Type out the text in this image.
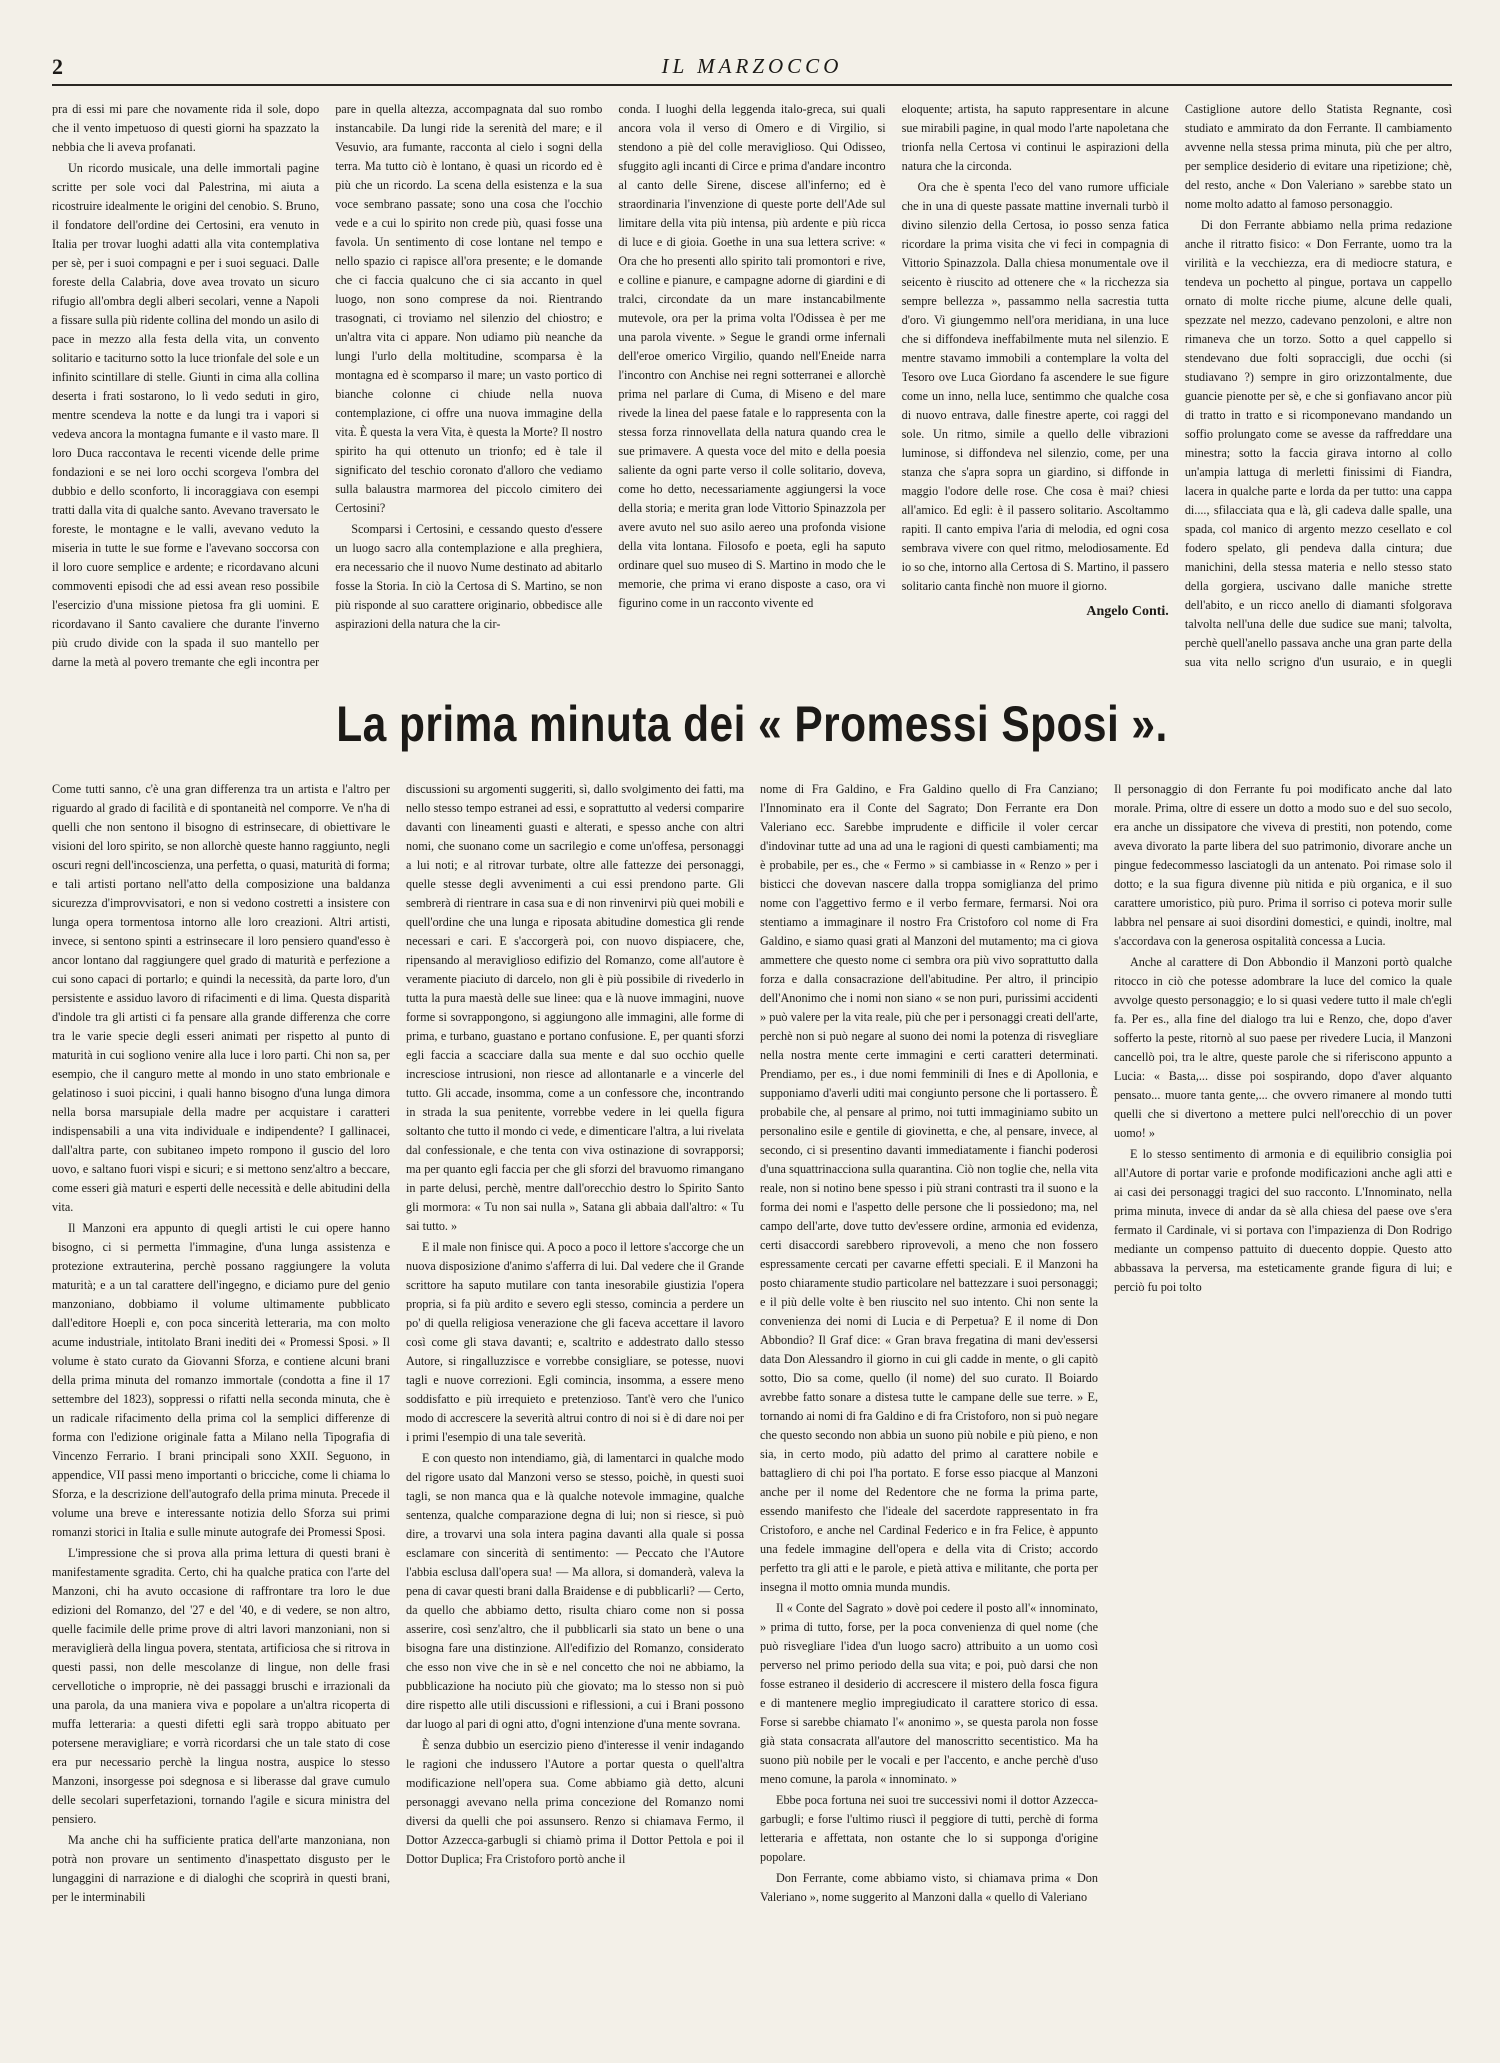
2	IL MARZOCCO

pra di essi mi pare che novamente rida il sole, dopo che il vento impetuoso di questi giorni ha spazzato la nebbia che li aveva profanati.

Un ricordo musicale, una delle immortali pagine scritte per sole voci dal Palestrina, mi aiuta a ricostruire idealmente le origini del cenobio. S. Bruno, il fondatore dell'ordine dei Certosini, era venuto in Italia per trovar luoghi adatti alla vita contemplativa per sè, per i suoi compagni e per i suoi seguaci. Dalle foreste della Calabria, dove avea trovato un sicuro rifugio all'ombra degli alberi secolari, venne a Napoli a fissare sulla più ridente collina del mondo un asilo di pace in mezzo alla festa della vita, un convento solitario e taciturno sotto la luce trionfale del sole e un infinito scintillare di stelle. Giunti in cima alla collina deserta i frati sostarono, lo lì vedo seduti in giro, mentre scendeva la notte e da lungi tra i vapori si vedeva ancora la montagna fumante e il vasto mare. Il loro Duca raccontava le recenti vicende delle prime fondazioni e se nei loro occhi scorgeva l'ombra del dubbio e dello sconforto, li incoraggiava con esempi tratti dalla vita di qualche santo. Avevano traversato le foreste, le montagne e le valli, avevano veduto la miseria in tutte le sue forme e l'avevano soccorsa con il loro cuore semplice e ardente; e ricordavano alcuni commoventi episodi che ad essi avean reso possibile l'esercizio d'una missione pietosa fra gli uomini. E ricordavano il Santo cavaliere che durante l'inverno più crudo divide con la spada il suo mantello per darne la metà al povero tremante che egli incontra per

pare in quella altezza, accompagnata dal suo rombo instancabile. Da lungi ride la serenità del mare; e il Vesuvio, ara fumante, racconta al cielo i sogni della terra. Ma tutto ciò è lontano, è quasi un ricordo ed è più che un ricordo. La scena della esistenza e la sua voce sembrano passate; sono una cosa che l'occhio vede e a cui lo spirito non crede più, quasi fosse una favola. Un sentimento di cose lontane nel tempo e nello spazio ci rapisce all'ora presente; e le domande che ci faccia qualcuno che ci sia accanto in quel luogo, non sono comprese da noi. Rientrando trasognati, ci troviamo nel silenzio del chiostro; e un'altra vita ci appare. Non udiamo più neanche da lungi l'urlo della moltitudine, scomparsa è la montagna ed è scomparso il mare; un vasto portico di bianche colonne ci chiude nella nuova contemplazione, ci offre una nuova immagine della vita. È questa la vera Vita, è questa la Morte? Il nostro spirito ha qui ottenuto un trionfo; ed è tale il significato del teschio coronato d'alloro che vediamo sulla balaustra marmorea del piccolo cimitero dei Certosini?

Scomparsi i Certosini, e cessando questo d'essere un luogo sacro alla contemplazione e alla preghiera, era necessario che il nuovo Nume destinato ad abitarlo fosse la Storia. In ciò la Certosa di S. Martino, se non più risponde al suo carattere originario, obbedisce alle aspirazioni della natura che la cir-

conda. I luoghi della leggenda italo-greca, sui quali ancora vola il verso di Omero e di Virgilio, si stendono a piè del colle meraviglioso. Qui Odisseo, sfuggito agli incanti di Circe e prima d'andare incontro al canto delle Sirene, discese all'inferno; ed è straordinaria l'invenzione di queste porte dell'Ade sul limitare della vita più intensa, più ardente e più ricca di luce e di gioia. Goethe in una sua lettera scrive: « Ora che ho presenti allo spirito tali promontori e rive, e colline e pianure, e campagne adorne di giardini e di tralci, circondate da un mare instancabilmente mutevole, ora per la prima volta l'Odissea è per me una parola vivente. » Segue le grandi orme infernali dell'eroe omerico Virgilio, quando nell'Eneide narra l'incontro con Anchise nei regni sotterranei e allorchè prima nel parlare di Cuma, di Miseno e del mare rivede la linea del paese fatale e lo rappresenta con la stessa forza rinnovellata della natura quando crea le sue primavere. A questa voce del mito e della poesia saliente da ogni parte verso il colle solitario, doveva, come ho detto, necessariamente aggiungersi la voce della storia; e merita gran lode Vittorio Spinazzola per avere avuto nel suo asilo aereo una profonda visione della vita lontana. Filosofo e poeta, egli ha saputo ordinare quel suo museo di S. Martino in modo che le memorie, che prima vi erano disposte a caso, ora vi figurino come in un racconto vivente ed

eloquente; artista, ha saputo rappresentare in alcune sue mirabili pagine, in qual modo l'arte napoletana che trionfa nella Certosa vi continui le aspirazioni della natura che la circonda.

Ora che è spenta l'eco del vano rumore ufficiale che in una di queste passate mattine invernali turbò il divino silenzio della Certosa, io posso senza fatica ricordare la prima visita che vi feci in compagnia di Vittorio Spinazzola. Dalla chiesa monumentale ove il seicento è riuscito ad ottenere che « la ricchezza sia sempre bellezza », passammo nella sacrestia tutta d'oro. Vi giungemmo nell'ora meridiana, in una luce che si diffondeva ineffabilmente muta nel silenzio. E mentre stavamo immobili a contemplare la volta del Tesoro ove Luca Giordano fa ascendere le sue figure come un inno, nella luce, sentimmo che qualche cosa di nuovo entrava, dalle finestre aperte, coi raggi del sole. Un ritmo, simile a quello delle vibrazioni luminose, si diffondeva nel silenzio, come, per una stanza che s'apra sopra un giardino, si diffonde in maggio l'odore delle rose. Che cosa è mai? chiesi all'amico. Ed egli: è il passero solitario. Ascoltammo rapiti. Il canto empiva l'aria di melodia, ed ogni cosa sembrava vivere con quel ritmo, melodiosamente. Ed io so che, intorno alla Certosa di S. Martino, il passero solitario canta finchè non muore il giorno.

Angelo Conti.

Castiglione autore dello Statista Regnante, così studiato e ammirato da don Ferrante. Il cambiamento avvenne nella stessa prima minuta, più che per altro, per semplice desiderio di evitare una ripetizione; chè, del resto, anche « Don Valeriano » sarebbe stato un nome molto adatto al famoso personaggio.

Di don Ferrante abbiamo nella prima redazione anche il ritratto fisico: « Don Ferrante, uomo tra la virilità e la vecchiezza, era di mediocre statura, e tendeva un pochetto al pingue, portava un cappello ornato di molte ricche piume, alcune delle quali, spezzate nel mezzo, cadevano penzoloni, e altre non rimaneva che un torzo. Sotto a quel cappello si stendevano due folti sopraccigli, due occhi (si studiavano ?) sempre in giro orizzontalmente, due guancie pienotte per sè, e che si gonfiavano ancor più di tratto in tratto e si ricomponevano mandando un soffio prolungato come se avesse da raffreddare una minestra; sotto la faccia girava intorno al collo un'ampia lattuga di merletti finissimi di Fiandra, lacera in qualche parte e lorda da per tutto: una cappa di...., sfilacciata qua e là, gli cadeva dalle spalle, una spada, col manico di argento mezzo cesellato e col fodero spelato, gli pendeva dalla cintura; due manichini, della stessa materia e nello stesso stato della gorgiera, uscivano dalle maniche strette dell'abito, e un ricco anello di diamanti sfolgorava talvolta nell'una delle due sudice sue mani; talvolta, perchè quell'anello passava anche una gran parte della sua vita nello scrigno d'un usuraio, e in quegli

La prima minuta dei « Promessi Sposi ».

Come tutti sanno, c'è una gran differenza tra un artista e l'altro per riguardo al grado di facilità e di spontaneità nel comporre. Ve n'ha di quelli che non sentono il bisogno di estrinsecare, di obiettivare le visioni del loro spirito, se non allorchè queste hanno raggiunto, negli oscuri regni dell'incoscienza, una perfetta, o quasi, maturità di forma; e tali artisti portano nell'atto della composizione una baldanza sicurezza d'improvvisatori, e non si vedono costretti a insistere con lunga opera tormentosa intorno alle loro creazioni. Altri artisti, invece, si sentono spinti a estrinsecare il loro pensiero quand'esso è ancor lontano dal raggiungere quel grado di maturità e perfezione a cui sono capaci di portarlo; e quindi la necessità, da parte loro, d'un persistente e assiduo lavoro di rifacimenti e di lima. Questa disparità d'indole tra gli artisti ci fa pensare alla grande differenza che corre tra le varie specie degli esseri animati per rispetto al punto di maturità in cui sogliono venire alla luce i loro parti. Chi non sa, per esempio, che il canguro mette al mondo in uno stato embrionale e gelatinoso i suoi piccini, i quali hanno bisogno d'una lunga dimora nella borsa marsupiale della madre per acquistare i caratteri indispensabili a una vita individuale e indipendente? I gallinacei, dall'altra parte, con subitaneo impeto rompono il guscio del loro uovo, e saltano fuori vispi e sicuri; e si mettono senz'altro a beccare, come esseri già maturi e esperti delle necessità e delle abitudini della vita.

Il Manzoni era appunto di quegli artisti le cui opere hanno bisogno, ci si permetta l'immagine, d'una lunga assistenza e protezione extrauterina, perchè possano raggiungere la voluta maturità; e a un tal carattere dell'ingegno, e diciamo pure del genio manzoniano, dobbiamo il volume ultimamente pubblicato dall'editore Hoepli e, con poca sincerità letteraria, ma con molto acume industriale, intitolato Brani inediti dei « Promessi Sposi. » Il volume è stato curato da Giovanni Sforza, e contiene alcuni brani della prima minuta del romanzo immortale (condotta a fine il 17 settembre del 1823), soppressi o rifatti nella seconda minuta, che è un radicale rifacimento della prima col la semplici differenze di forma con l'edizione originale fatta a Milano nella Tipografia di Vincenzo Ferrario. I brani principali sono XXII. Seguono, in appendice, VII passi meno importanti o bricciche, come li chiama lo Sforza, e la descrizione dell'autografo della prima minuta. Precede il volume una breve e interessante notizia dello Sforza sui primi romanzi storici in Italia e sulle minute autografe dei Promessi Sposi.

L'impressione che si prova alla prima lettura di questi brani è manifestamente sgradita. Certo, chi ha qualche pratica con l'arte del Manzoni, chi ha avuto occasione di raffrontare tra loro le due edizioni del Romanzo, del '27 e del '40, e di vedere, se non altro, quelle facimile delle prime prove di altri lavori manzoniani, non si meraviglierà della lingua povera, stentata, artificiosa che si ritrova in questi passi, non delle mescolanze di lingue, non delle frasi cervellotiche o improprie, nè dei passaggi bruschi e irrazionali da una parola, da una maniera viva e popolare a un'altra ricoperta di muffa letteraria: a questi difetti egli sarà troppo abituato per potersene meravigliare; e vorrà ricordarsi che un tale stato di cose era pur necessario perchè la lingua nostra, auspice lo stesso Manzoni, insorgesse poi sdegnosa e si liberasse dal grave cumulo delle secolari superfetazioni, tornando l'agile e sicura ministra del pensiero.

Ma anche chi ha sufficiente pratica dell'arte manzoniana, non potrà non provare un sentimento d'inaspettato disgusto per le lungaggini di narrazione e di dialoghi che scoprirà in questi brani, per le interminabili

discussioni su argomenti suggeriti, sì, dallo svolgimento dei fatti, ma nello stesso tempo estranei ad essi, e soprattutto al vedersi comparire davanti con lineamenti guasti e alterati, e spesso anche con altri nomi, che suonano come un sacrilegio e come un'offesa, personaggi a lui noti; e al ritrovar turbate, oltre alle fattezze dei personaggi, quelle stesse degli avvenimenti a cui essi prendono parte. Gli sembrerà di rientrare in casa sua e di non rinvenirvi più quei mobili e quell'ordine che una lunga e riposata abitudine domestica gli rende necessari e cari. E s'accorgerà poi, con nuovo dispiacere, che, ripensando al meraviglioso edifizio del Romanzo, come all'autore è veramente piaciuto di darcelo, non gli è più possibile di rivederlo in tutta la pura maestà delle sue linee: qua e là nuove immagini, nuove forme si sovrappongono, si aggiungono alle immagini, alle forme di prima, e turbano, guastano e portano confusione. E, per quanti sforzi egli faccia a scacciare dalla sua mente e dal suo occhio quelle incresciose intrusioni, non riesce ad allontanarle e a vincerle del tutto. Gli accade, insomma, come a un confessore che, incontrando in strada la sua penitente, vorrebbe vedere in lei quella figura soltanto che tutto il mondo ci vede, e dimenticare l'altra, a lui rivelata dal confessionale, e che tenta con viva ostinazione di sovrapporsi; ma per quanto egli faccia per che gli sforzi del bravuomo rimangano in parte delusi, perchè, mentre dall'orecchio destro lo Spirito Santo gli mormora: « Tu non sai nulla », Satana gli abbaia dall'altro: « Tu sai tutto. »

E il male non finisce qui. A poco a poco il lettore s'accorge che un nuova disposizione d'animo s'afferra di lui. Dal vedere che il Grande scrittore ha saputo mutilare con tanta inesorabile giustizia l'opera propria, si fa più ardito e severo egli stesso, comincia a perdere un po' di quella religiosa venerazione che gli faceva accettare il lavoro così come gli stava davanti; e, scaltrito e addestrato dallo stesso Autore, si ringalluzzisce e vorrebbe consigliare, se potesse, nuovi tagli e nuove correzioni. Egli comincia, insomma, a essere meno soddisfatto e più irrequieto e pretenzioso. Tant'è vero che l'unico modo di accrescere la severità altrui contro di noi si è di dare noi per i primi l'esempio di una tale severità.

E con questo non intendiamo, già, di lamentarci in qualche modo del rigore usato dal Manzoni verso se stesso, poichè, in questi suoi tagli, se non manca qua e là qualche notevole immagine, qualche sentenza, qualche comparazione degna di lui; non si riesce, sì può dire, a trovarvi una sola intera pagina davanti alla quale si possa esclamare con sincerità di sentimento: — Peccato che l'Autore l'abbia esclusa dall'opera sua! — Ma allora, si domanderà, valeva la pena di cavar questi brani dalla Braidense e di pubblicarli? — Certo, da quello che abbiamo detto, risulta chiaro come non si possa asserire, così senz'altro, che il pubblicarli sia stato un bene o una bisogna fare una distinzione. All'edifizio del Romanzo, considerato che esso non vive che in sè e nel concetto che noi ne abbiamo, la pubblicazione ha nociuto più che giovato; ma lo stesso non si può dire rispetto alle utili discussioni e riflessioni, a cui i Brani possono dar luogo al pari di ogni atto, d'ogni intenzione d'una mente sovrana.

È senza dubbio un esercizio pieno d'interesse il venir indagando le ragioni che indussero l'Autore a portar questa o quell'altra modificazione nell'opera sua. Come abbiamo già detto, alcuni personaggi avevano nella prima concezione del Romanzo nomi diversi da quelli che poi assunsero. Renzo si chiamava Fermo, il Dottor Azzecca-garbugli si chiamò prima il Dottor Pettola e poi il Dottor Duplica; Fra Cristoforo portò anche il

nome di Fra Galdino, e Fra Galdino quello di Fra Canziano; l'Innominato era il Conte del Sagrato; Don Ferrante era Don Valeriano ecc. Sarebbe imprudente e difficile il voler cercar d'indovinar tutte ad una ad una le ragioni di questi cambiamenti; ma è probabile, per es., che « Fermo » si cambiasse in « Renzo » per i bisticci che dovevan nascere dalla troppa somiglianza del primo nome con l'aggettivo fermo e il verbo fermare, fermarsi. Noi ora stentiamo a immaginare il nostro Fra Cristoforo col nome di Fra Galdino, e siamo quasi grati al Manzoni del mutamento; ma ci giova ammettere che questo nome ci sembra ora più vivo soprattutto dalla forza e dalla consacrazione dell'abitudine. Per altro, il principio dell'Anonimo che i nomi non siano « se non puri, purissimi accidenti » può valere per la vita reale, più che per i personaggi creati dell'arte, perchè non si può negare al suono dei nomi la potenza di risvegliare nella nostra mente certe immagini e certi caratteri determinati. Prendiamo, per es., i due nomi femminili di Ines e di Apollonia, e supponiamo d'averli uditi mai congiunto persone che li portassero. È probabile che, al pensare al primo, noi tutti immaginiamo subito un personalino esile e gentile di giovinetta, e che, al pensare, invece, al secondo, ci si presentino davanti immediatamente i fianchi poderosi d'una squattrinacciona sulla quarantina. Ciò non toglie che, nella vita reale, non si notino bene spesso i più strani contrasti tra il suono e la forma dei nomi e l'aspetto delle persone che li possiedono; ma, nel campo dell'arte, dove tutto dev'essere ordine, armonia ed evidenza, certi disaccordi sarebbero riprovevoli, a meno che non fossero espressamente cercati per cavarne effetti speciali. E il Manzoni ha posto chiaramente studio particolare nel battezzare i suoi personaggi; e il più delle volte è ben riuscito nel suo intento. Chi non sente la convenienza dei nomi di Lucia e di Perpetua? E il nome di Don Abbondio? Il Graf dice: « Gran brava fregatina di mani dev'essersi data Don Alessandro il giorno in cui gli cadde in mente, o gli capitò sotto, Dio sa come, quello (il nome) del suo curato. Il Boiardo avrebbe fatto sonare a distesa tutte le campane delle sue terre. » E, tornando ai nomi di fra Galdino e di fra Cristoforo, non si può negare che questo secondo non abbia un suono più nobile e più pieno, e non sia, in certo modo, più adatto del primo al carattere nobile e battagliero di chi poi l'ha portato. E forse esso piacque al Manzoni anche per il nome del Redentore che ne forma la prima parte, essendo manifesto che l'ideale del sacerdote rappresentato in fra Cristoforo, e anche nel Cardinal Federico e in fra Felice, è appunto una fedele immagine dell'opera e della vita di Cristo; accordo perfetto tra gli atti e le parole, e pietà attiva e militante, che porta per insegna il motto omnia munda mundis.

Il « Conte del Sagrato » dovè poi cedere il posto all'« innominato, » prima di tutto, forse, per la poca convenienza di quel nome (che può risvegliare l'idea d'un luogo sacro) attribuito a un uomo così perverso nel primo periodo della sua vita; e poi, può darsi che non fosse estraneo il desiderio di accrescere il mistero della fosca figura e di mantenere meglio impregiudicato il carattere storico di essa. Forse si sarebbe chiamato l'« anonimo », se questa parola non fosse già stata consacrata all'autore del manoscritto secentistico. Ma ha suono più nobile per le vocali e per l'accento, e anche perchè d'uso meno comune, la parola « innominato. »

Ebbe poca fortuna nei suoi tre successivi nomi il dottor Azzecca-garbugli; e forse l'ultimo riuscì il peggiore di tutti, perchè di forma letteraria e affettata, non ostante che lo si supponga d'origine popolare.

Don Ferrante, come abbiamo visto, si chiamava prima « Don Valeriano », nome suggerito al Manzoni dalla « quello di Valeriano

Il personaggio di don Ferrante fu poi modificato anche dal lato morale. Prima, oltre di essere un dotto a modo suo e del suo secolo, era anche un dissipatore che viveva di prestiti, non potendo, come aveva divorato la parte libera del suo patrimonio, divorare anche un pingue fedecommesso lasciatogli da un antenato. Poi rimase solo il dotto; e la sua figura divenne più nitida e più organica, e il suo carattere umoristico, più puro. Prima il sorriso ci poteva morir sulle labbra nel pensare ai suoi disordini domestici, e quindi, inoltre, mal s'accordava con la generosa ospitalità concessa a Lucia.

Anche al carattere di Don Abbondio il Manzoni portò qualche ritocco in ciò che potesse adombrare la luce del comico la quale avvolge questo personaggio; e lo si quasi vedere tutto il male ch'egli fa. Per es., alla fine del dialogo tra lui e Renzo, che, dopo d'aver sofferto la peste, ritornò al suo paese per rivedere Lucia, il Manzoni cancellò poi, tra le altre, queste parole che si riferiscono appunto a Lucia: « Basta,... disse poi sospirando, dopo d'aver alquanto pensato... muore tanta gente,... che ovvero rimanere al mondo tutti quelli che si divertono a mettere pulci nell'orecchio di un pover uomo! »

E lo stesso sentimento di armonia e di equilibrio consiglia poi all'Autore di portar varie e profonde modificazioni anche agli atti e ai casi dei personaggi tragici del suo racconto. L'Innominato, nella prima minuta, invece di andar da sè alla chiesa del paese ove s'era fermato il Cardinale, vi si portava con l'impazienza di Don Rodrigo mediante un compenso pattuito di duecento doppie. Questo atto abbassava la perversa, ma esteticamente grande figura di lui; e perciò fu poi tolto
